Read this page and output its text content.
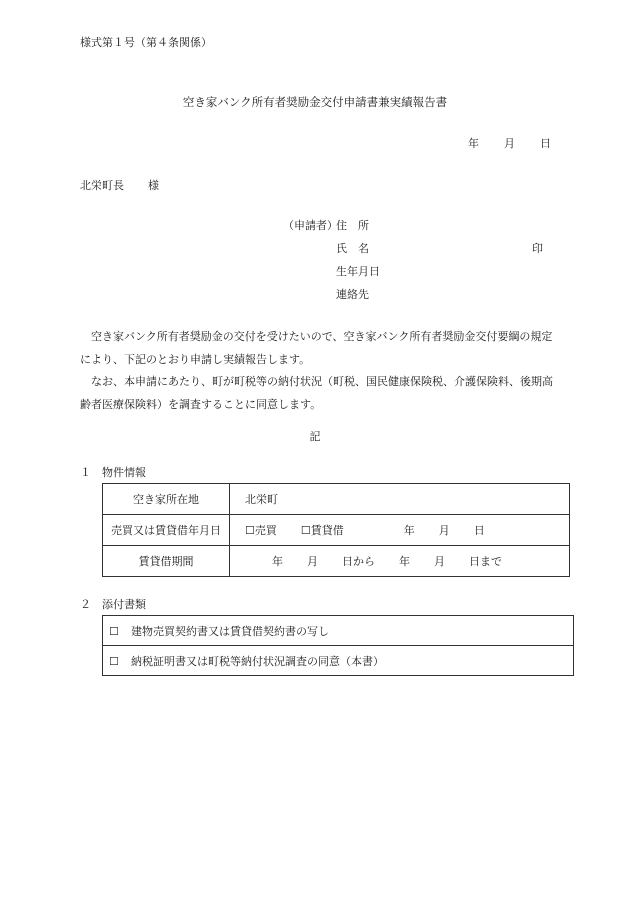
様式第１号（第４条関係）
空き家バンク所有者奨励金交付申請書兼実績報告書
年 月 日
北栄町長 様
（申請者）
住　所
氏　名	印
生年月日
連絡先

空き家バンク所有者奨励金の交付を受けたいので、空き家バンク所有者奨励金交付要綱の規定により、下記のとおり申請し実績報告します。

なお、本申請にあたり、町が町税等の納付状況（町税、国民健康保険税、介護保険料、後期高齢者医療保険料）を調査することに同意します。

記
１ 物件情報
空き家所在地	北栄町
売買又は賃貸借年月日	☐売買 ☐賃貸借 年 月 日
賃貸借期間	年 月 日から 年 月 日まで
２ 添付書類
☐ 建物売買契約書又は賃貸借契約書の写し
☐ 納税証明書又は町税等納付状況調査の同意（本書）
